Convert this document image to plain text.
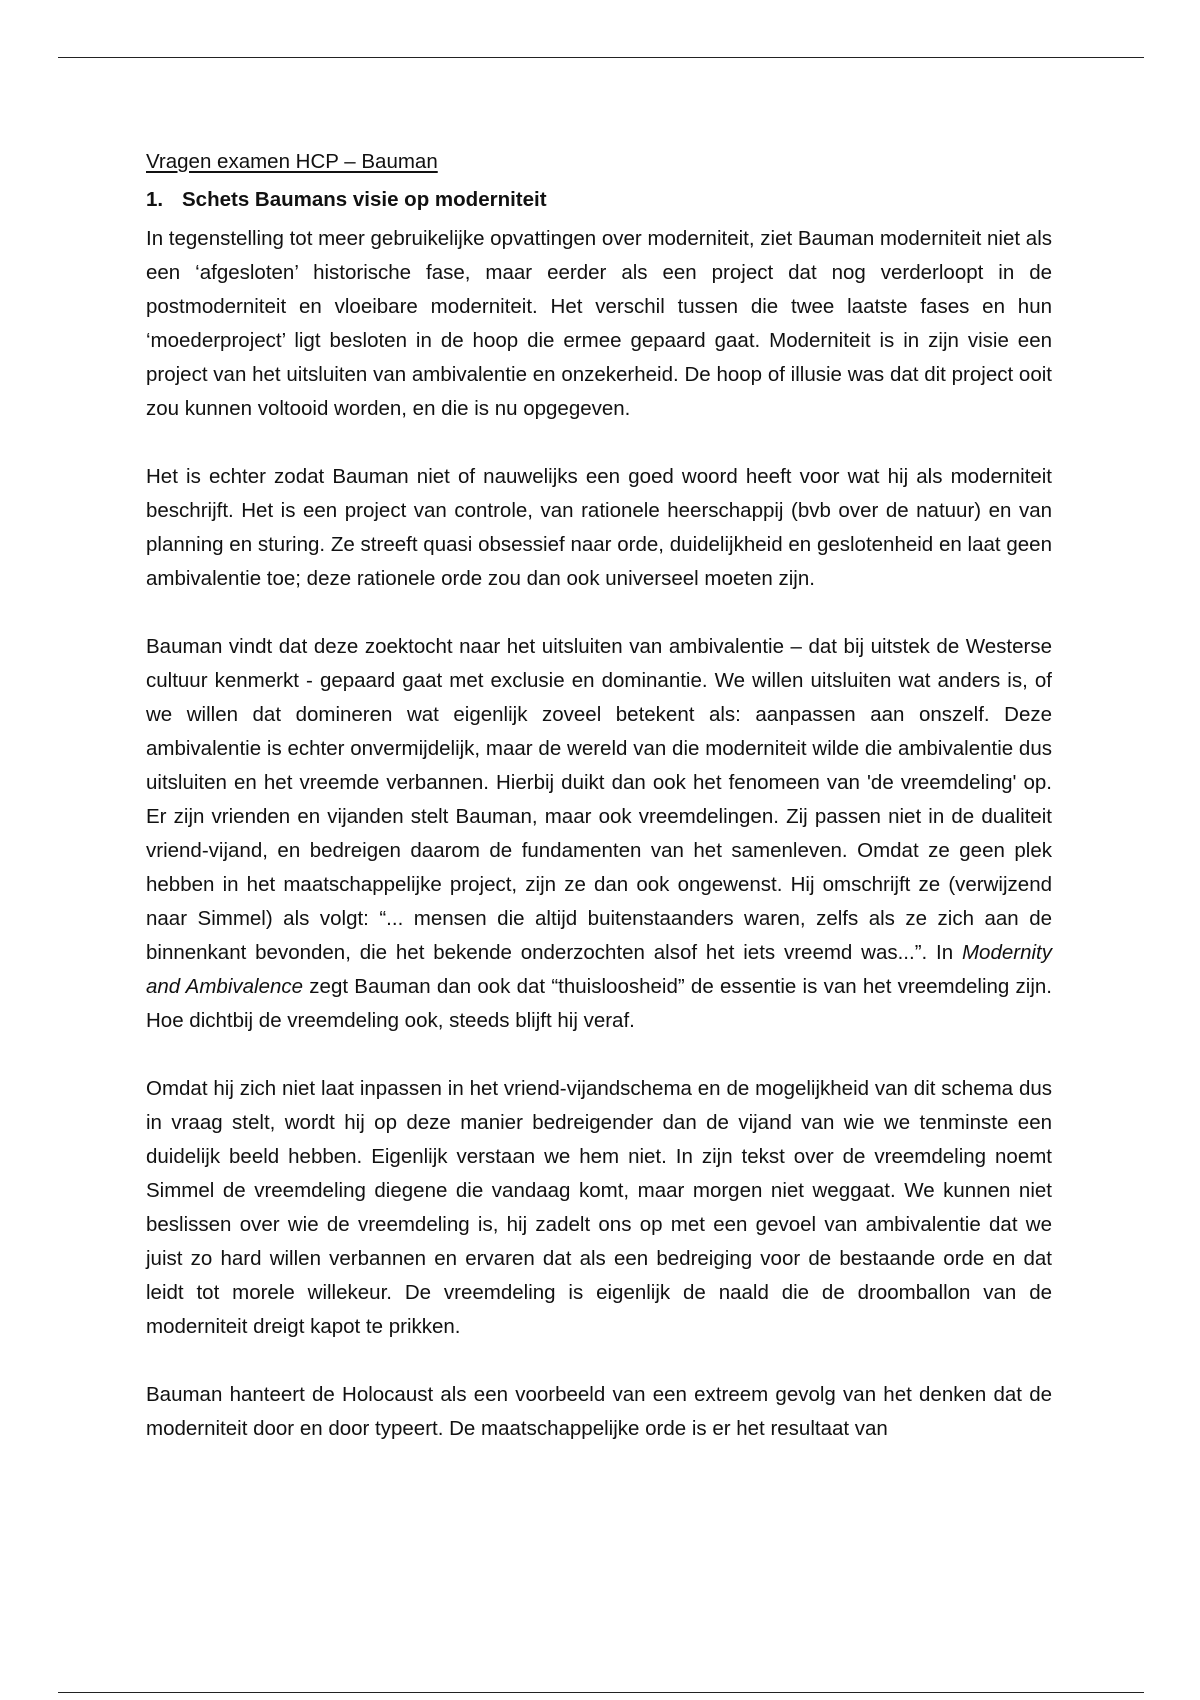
Vragen examen HCP – Bauman
1. Schets Baumans visie op moderniteit

In tegenstelling tot meer gebruikelijke opvattingen over moderniteit, ziet Bauman moderniteit niet als een ‘afgesloten’ historische fase, maar eerder als een project dat nog verderloopt in de postmoderniteit en vloeibare moderniteit. Het verschil tussen die twee laatste fases en hun ‘moederproject’ ligt besloten in de hoop die ermee gepaard gaat. Moderniteit is in zijn visie een project van het uitsluiten van ambivalentie en onzekerheid. De hoop of illusie was dat dit project ooit zou kunnen voltooid worden, en die is nu opgegeven.

Het is echter zodat Bauman niet of nauwelijks een goed woord heeft voor wat hij als moderniteit beschrijft. Het is een project van controle, van rationele heerschappij (bvb over de natuur) en van planning en sturing. Ze streeft quasi obsessief naar orde, duidelijkheid en geslotenheid en laat geen ambivalentie toe; deze rationele orde zou dan ook universeel moeten zijn.

Bauman vindt dat deze zoektocht naar het uitsluiten van ambivalentie – dat bij uitstek de Westerse cultuur kenmerkt - gepaard gaat met exclusie en dominantie. We willen uitsluiten wat anders is, of we willen dat domineren wat eigenlijk zoveel betekent als: aanpassen aan onszelf. Deze ambivalentie is echter onvermijdelijk, maar de wereld van die moderniteit wilde die ambivalentie dus uitsluiten en het vreemde verbannen. Hierbij duikt dan ook het fenomeen van 'de vreemdeling' op. Er zijn vrienden en vijanden stelt Bauman, maar ook vreemdelingen. Zij passen niet in de dualiteit vriend-vijand, en bedreigen daarom de fundamenten van het samenleven. Omdat ze geen plek hebben in het maatschappelijke project, zijn ze dan ook ongewenst. Hij omschrijft ze (verwijzend naar Simmel) als volgt: “... mensen die altijd buitenstaanders waren, zelfs als ze zich aan de binnenkant bevonden, die het bekende onderzochten alsof het iets vreemd was...”. In Modernity and Ambivalence zegt Bauman dan ook dat “thuisloosheid” de essentie is van het vreemdeling zijn. Hoe dichtbij de vreemdeling ook, steeds blijft hij veraf.

Omdat hij zich niet laat inpassen in het vriend-vijandschema en de mogelijkheid van dit schema dus in vraag stelt, wordt hij op deze manier bedreigender dan de vijand van wie we tenminste een duidelijk beeld hebben. Eigenlijk verstaan we hem niet. In zijn tekst over de vreemdeling noemt Simmel de vreemdeling diegene die vandaag komt, maar morgen niet weggaat. We kunnen niet beslissen over wie de vreemdeling is, hij zadelt ons op met een gevoel van ambivalentie dat we juist zo hard willen verbannen en ervaren dat als een bedreiging voor de bestaande orde en dat leidt tot morele willekeur. De vreemdeling is eigenlijk de naald die de droomballon van de moderniteit dreigt kapot te prikken.

Bauman hanteert de Holocaust als een voorbeeld van een extreem gevolg van het denken dat de moderniteit door en door typeert. De maatschappelijke orde is er het resultaat van
